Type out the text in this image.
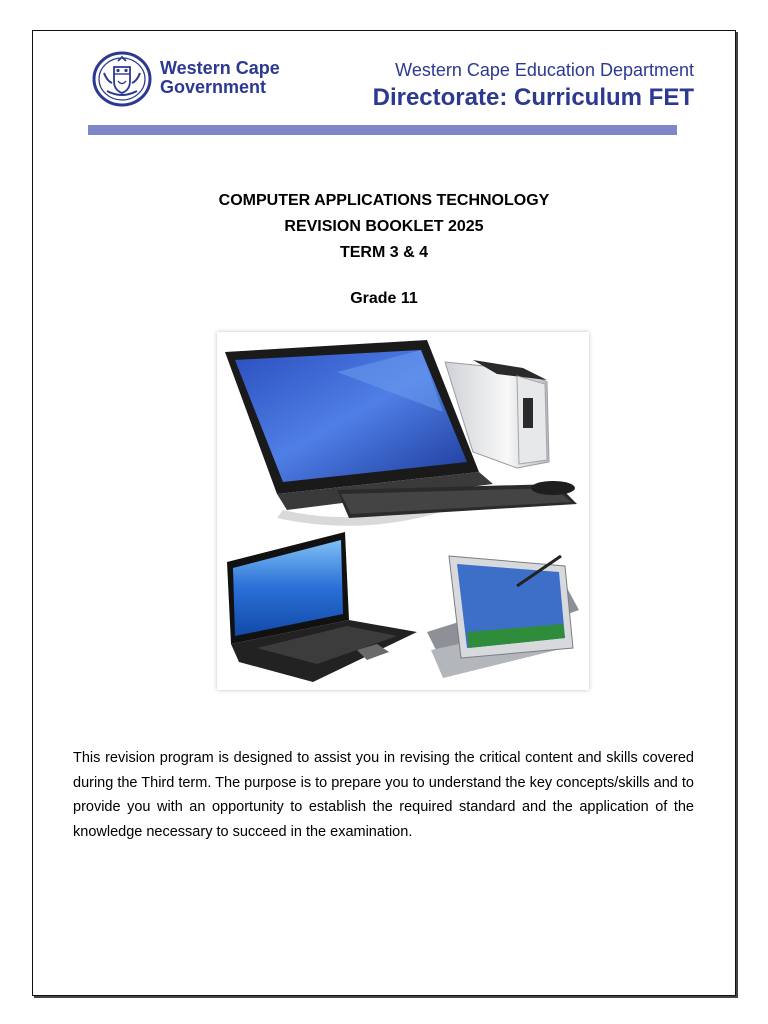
Western Cape
Government
Western Cape Education Department
Directorate: Curriculum FET
COMPUTER APPLICATIONS TECHNOLOGY
REVISION BOOKLET 2025
TERM 3 & 4
Grade 11
This revision program is designed to assist you in revising the critical content and skills covered during the Third term. The purpose is to prepare you to understand the key concepts/skills and to provide you with an opportunity to establish the required standard and the application of the knowledge necessary to succeed in the examination.
